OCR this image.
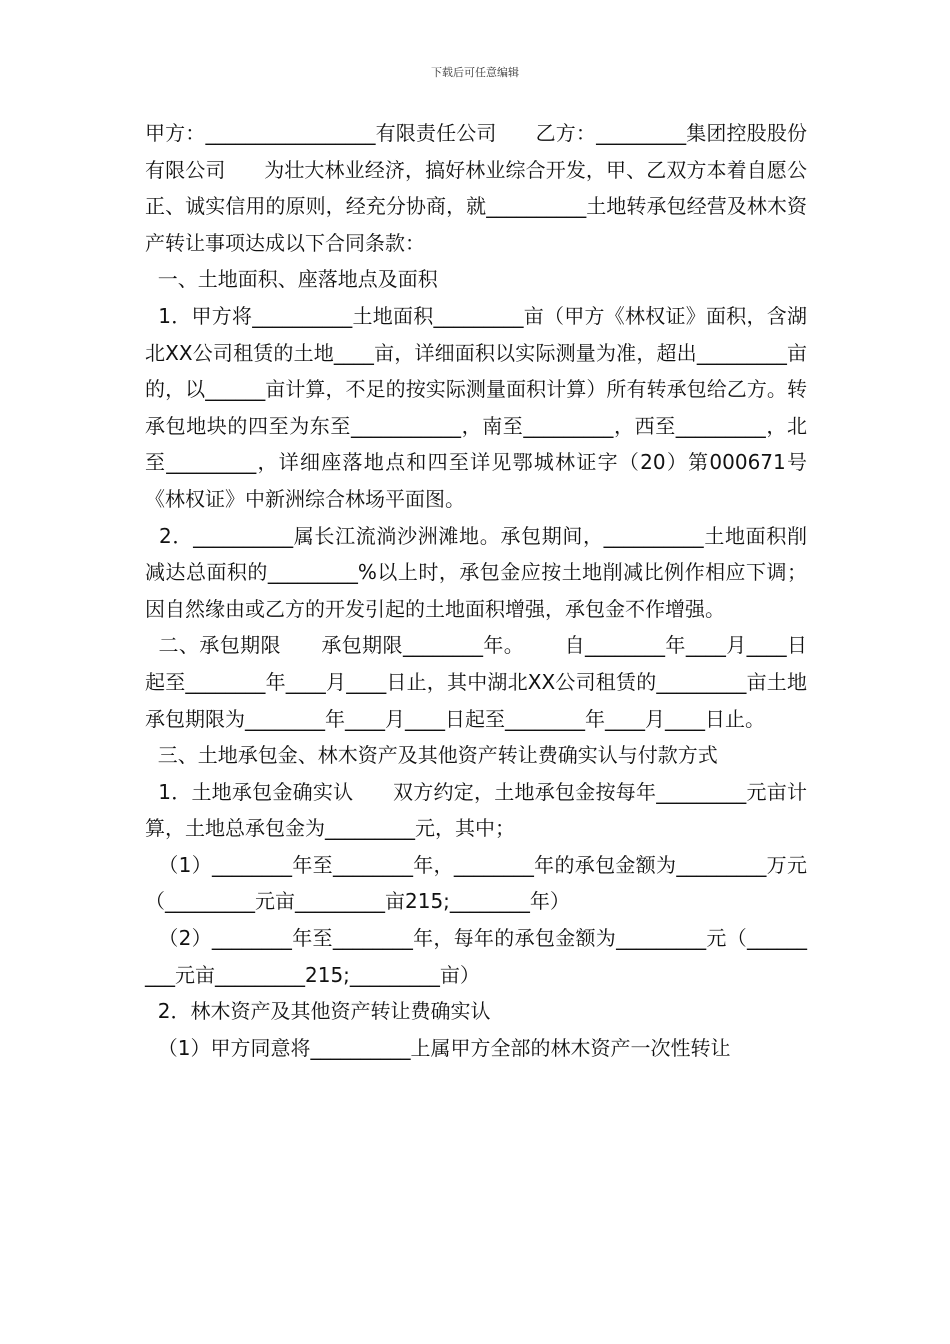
下载后可任意编辑

甲方：_________________有限责任公司      乙方：_________集团控股股份有限公司      为壮大林业经济，搞好林业综合开发，甲、乙双方本着自愿公正、诚实信用的原则，经充分协商，就__________土地转承包经营及林木资产转让事项达成以下合同条款：

一、土地面积、座落地点及面积

1．甲方将__________土地面积_________亩（甲方《林权证》面积，含湖北XX公司租赁的土地____亩，详细面积以实际测量为准，超出_________亩的，以______亩计算，不足的按实际测量面积计算）所有转承包给乙方。转承包地块的四至为东至___________，南至_________，西至_________，北至_________，详细座落地点和四至详见鄂城林证字（20）第000671号《林权证》中新洲综合林场平面图。

2．__________属长江流淌沙洲滩地。承包期间，__________土地面积削减达总面积的_________%以上时，承包金应按土地削减比例作相应下调；因自然缘由或乙方的开发引起的土地面积增强，承包金不作增强。

二、承包期限      承包期限________年。      自________年____月____日起至________年____月____日止，其中湖北XX公司租赁的_________亩土地承包期限为________年____月____日起至________年____月____日止。

三、土地承包金、林木资产及其他资产转让费确实认与付款方式

1．土地承包金确实认      双方约定，土地承包金按每年_________元亩计算，土地总承包金为_________元，其中；

（1）________年至________年，________年的承包金额为_________万元（_________元亩_________亩215;________年）

（2）________年至________年，每年的承包金额为_________元（_________元亩_________215;_________亩）

2．林木资产及其他资产转让费确实认

（1）甲方同意将__________上属甲方全部的林木资产一次性转让
